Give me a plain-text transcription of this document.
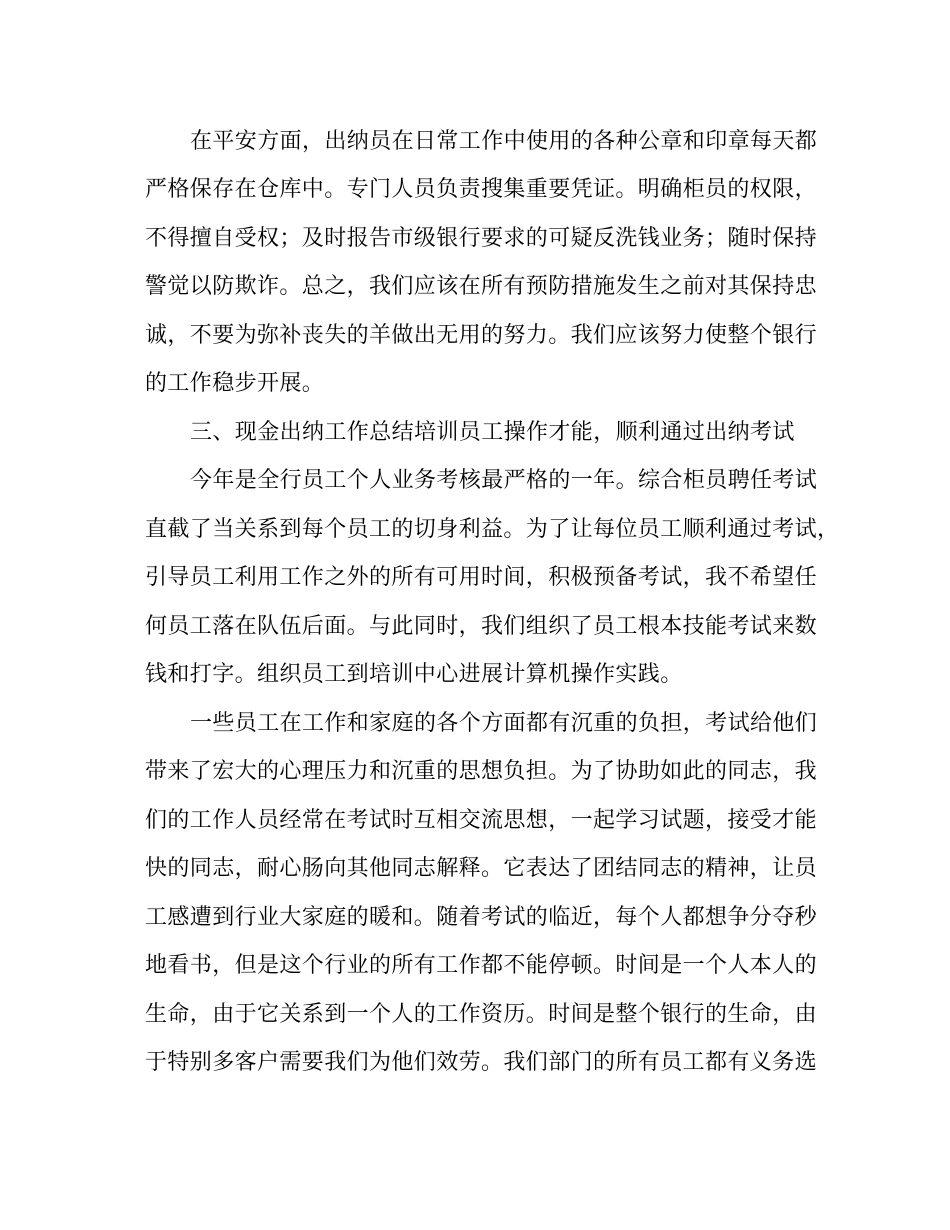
在平安方面，出纳员在日常工作中使用的各种公章和印章每天都
严格保存在仓库中。专门人员负责搜集重要凭证。明确柜员的权限，
不得擅自受权；及时报告市级银行要求的可疑反洗钱业务；随时保持
警觉以防欺诈。总之，我们应该在所有预防措施发生之前对其保持忠
诚，不要为弥补丧失的羊做出无用的努力。我们应该努力使整个银行
的工作稳步开展。
三、现金出纳工作总结培训员工操作才能，顺利通过出纳考试
今年是全行员工个人业务考核最严格的一年。综合柜员聘任考试
直截了当关系到每个员工的切身利益。为了让每位员工顺利通过考试，
引导员工利用工作之外的所有可用时间，积极预备考试，我不希望任
何员工落在队伍后面。与此同时，我们组织了员工根本技能考试来数
钱和打字。组织员工到培训中心进展计算机操作实践。
一些员工在工作和家庭的各个方面都有沉重的负担，考试给他们
带来了宏大的心理压力和沉重的思想负担。为了协助如此的同志，我
们的工作人员经常在考试时互相交流思想，一起学习试题，接受才能
快的同志，耐心肠向其他同志解释。它表达了团结同志的精神，让员
工感遭到行业大家庭的暖和。随着考试的临近，每个人都想争分夺秒
地看书，但是这个行业的所有工作都不能停顿。时间是一个人本人的
生命，由于它关系到一个人的工作资历。时间是整个银行的生命，由
于特别多客户需要我们为他们效劳。我们部门的所有员工都有义务选
